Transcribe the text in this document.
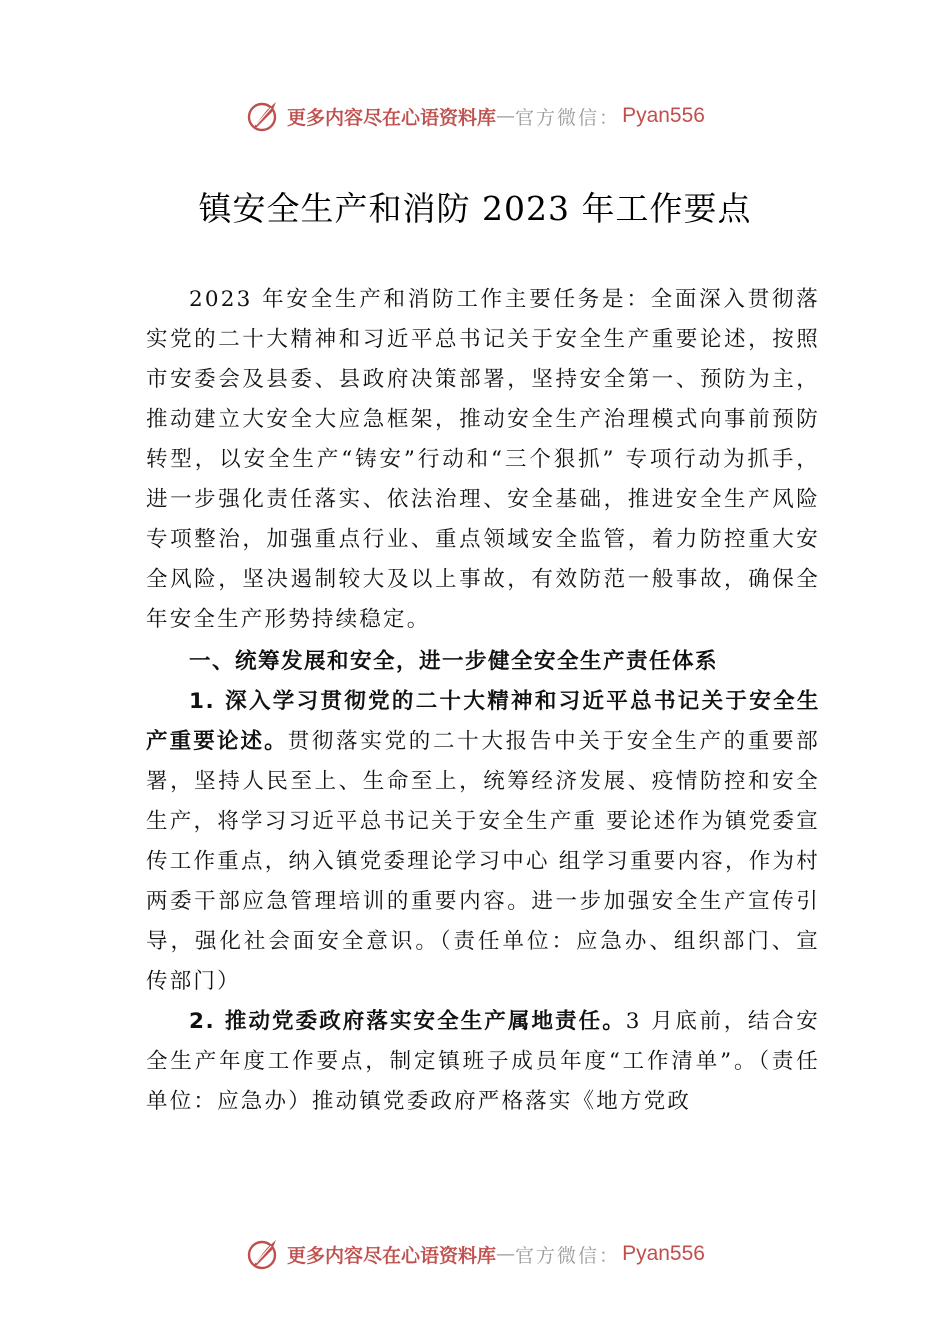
更多内容尽在心语资料库 — 官方微信： Pyan556
镇安全生产和消防 2023 年工作要点

2023 年安全生产和消防工作主要任务是：全面深入贯彻落实党的二十大精神和习近平总书记关于安全生产重要论述，按照市安委会及县委、县政府决策部署，坚持安全第一、预防为主，推动建立大安全大应急框架，推动安全生产治理模式向事前预防转型，以安全生产“铸安”行动和“三个狠抓” 专项行动为抓手，进一步强化责任落实、依法治理、安全基础，推进安全生产风险专项整治，加强重点行业、重点领域安全监管，着力防控重大安全风险，坚决遏制较大及以上事故，有效防范一般事故，确保全年安全生产形势持续稳定。

一、统筹发展和安全，进一步健全安全生产责任体系

1. 深入学习贯彻党的二十大精神和习近平总书记关于安全生产重要论述。贯彻落实党的二十大报告中关于安全生产的重要部署，坚持人民至上、生命至上，统筹经济发展、疫情防控和安全生产，将学习习近平总书记关于安全生产重 要论述作为镇党委宣传工作重点，纳入镇党委理论学习中心 组学习重要内容，作为村两委干部应急管理培训的重要内容。进一步加强安全生产宣传引导，强化社会面安全意识。（责任单位：应急办、组织部门、宣传部门）

2. 推动党委政府落实安全生产属地责任。3 月底前，结合安全生产年度工作要点，制定镇班子成员年度“工作清单”。（责任单位：应急办）推动镇党委政府严格落实《地方党政

更多内容尽在心语资料库 — 官方微信： Pyan556
